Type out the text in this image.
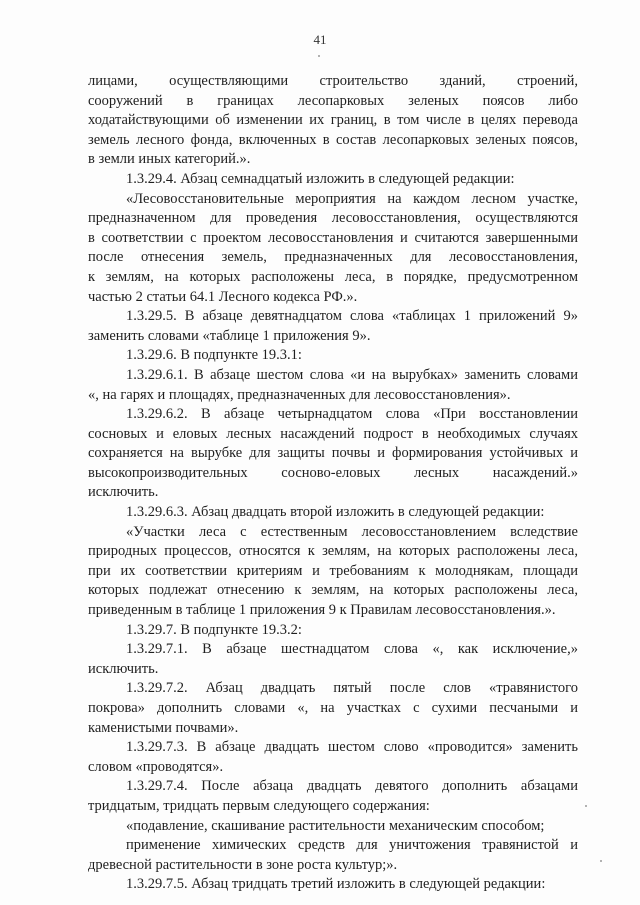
41
лицами, осуществляющими строительство зданий, строений,
сооружений в границах лесопарковых зеленых поясов либо
ходатайствующими об изменении их границ, в том числе в целях перевода
земель лесного фонда, включенных в состав лесопарковых зеленых поясов,
в земли иных категорий.».
1.3.29.4. Абзац семнадцатый изложить в следующей редакции:
«Лесовосстановительные мероприятия на каждом лесном участке,
предназначенном для проведения лесовосстановления, осуществляются
в соответствии с проектом лесовосстановления и считаются завершенными
после отнесения земель, предназначенных для лесовосстановления,
к землям, на которых расположены леса, в порядке, предусмотренном
частью 2 статьи 64.1 Лесного кодекса РФ.».
1.3.29.5. В абзаце девятнадцатом слова «таблицах 1 приложений 9»
заменить словами «таблице 1 приложения 9».
1.3.29.6. В подпункте 19.3.1:
1.3.29.6.1. В абзаце шестом слова «и на вырубках» заменить словами
«, на гарях и площадях, предназначенных для лесовосстановления».
1.3.29.6.2. В абзаце четырнадцатом слова «При восстановлении
сосновых и еловых лесных насаждений подрост в необходимых случаях
сохраняется на вырубке для защиты почвы и формирования устойчивых и
высокопроизводительных сосново-еловых лесных насаждений.»
исключить.
1.3.29.6.3. Абзац двадцать второй изложить в следующей редакции:
«Участки леса с естественным лесовосстановлением вследствие
природных процессов, относятся к землям, на которых расположены леса,
при их соответствии критериям и требованиям к молоднякам, площади
которых подлежат отнесению к землям, на которых расположены леса,
приведенным в таблице 1 приложения 9 к Правилам лесовосстановления.».
1.3.29.7. В подпункте 19.3.2:
1.3.29.7.1. В абзаце шестнадцатом слова «, как исключение,»
исключить.
1.3.29.7.2. Абзац двадцать пятый после слов «травянистого
покрова» дополнить словами «, на участках с сухими песчаными и
каменистыми почвами».
1.3.29.7.3. В абзаце двадцать шестом слово «проводится» заменить
словом «проводятся».
1.3.29.7.4. После абзаца двадцать девятого дополнить абзацами
тридцатым, тридцать первым следующего содержания:
«подавление, скашивание растительности механическим способом;
применение химических средств для уничтожения травянистой и
древесной растительности в зоне роста культур;».
1.3.29.7.5. Абзац тридцать третий изложить в следующей редакции:
